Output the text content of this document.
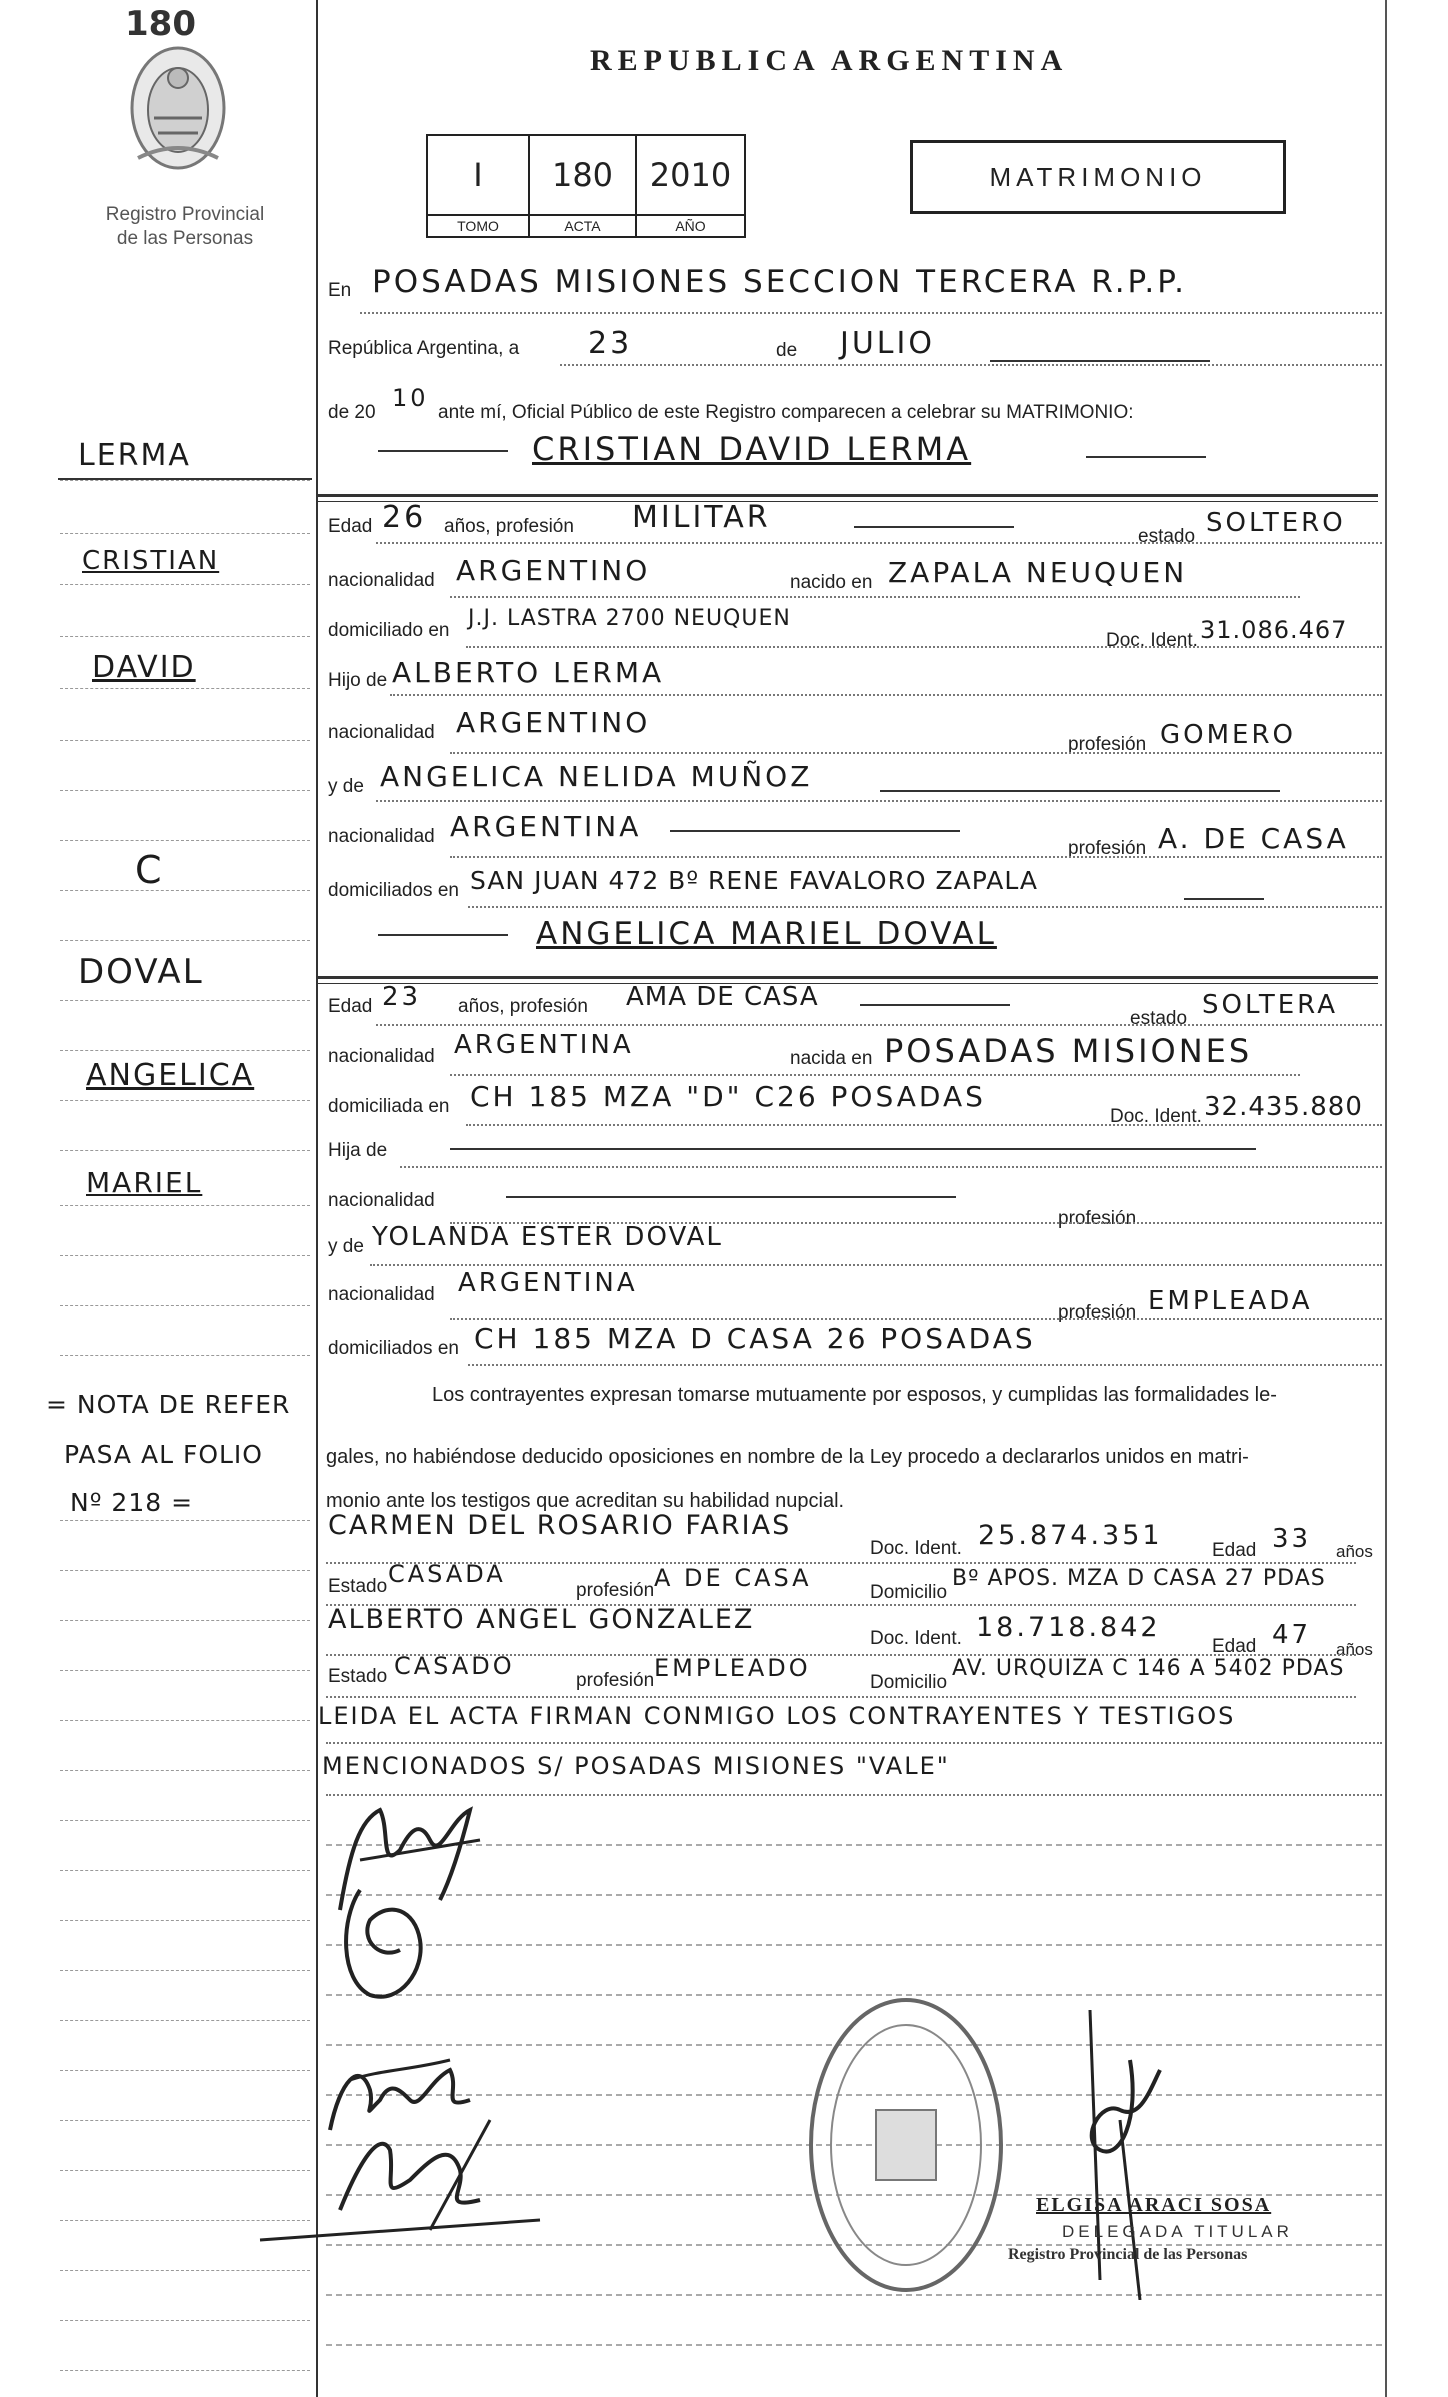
180
Registro Provincial
de las Personas
REPUBLICA ARGENTINA
I	180	2010
TOMO	ACTA	AÑO
MATRIMONIO
LERMA
CRISTIAN
DAVID
C
DOVAL
ANGELICA
MARIEL
= NOTA DE REFER
PASA AL FOLIO
Nº 218 =
En POSADAS MISIONES SECCION TERCERA R.P.P.
República Argentina, a 23	de JULIO
de 20
10
ante mí, Oficial Público de este Registro comparecen a celebrar su MATRIMONIO:
CRISTIAN DAVID LERMA
Edad 26 años, profesión MILITAR
estado SOLTERO
nacionalidad ARGENTINO	nacido en ZAPALA NEUQUEN
domiciliado en J.J. LASTRA 2700 NEUQUEN
Doc. Ident. 31.086.467
Hijo de ALBERTO LERMA
nacionalidad ARGENTINO
profesión GOMERO
y de ANGELICA NELIDA MUÑOZ
nacionalidad ARGENTINA
profesión A. DE CASA
domiciliados en SAN JUAN 472 Bº RENE FAVALORO ZAPALA
ANGELICA MARIEL DOVAL
Edad 23 años, profesión AMA DE CASA
estado SOLTERA
nacionalidad ARGENTINA	nacida en POSADAS MISIONES
domiciliada en CH 185 MZA "D" C26 POSADAS
Doc. Ident. 32.435.880
Hija de
nacionalidad
profesión
y de YOLANDA ESTER DOVAL
nacionalidad ARGENTINA
profesión EMPLEADA
domiciliados en CH 185 MZA D CASA 26 POSADAS
Los contrayentes expresan tomarse mutuamente por esposos, y cumplidas las formalidades le-
gales, no habiéndose deducido oposiciones en nombre de la Ley procedo a declararlos unidos en matri-
monio ante los testigos que acreditan su habilidad nupcial.
CARMEN DEL ROSARIO FARIAS
Doc. Ident. 25.874.351	Edad 33 años
Estado CASADA
profesión A DE CASA
Domicilio
Bº APOS. MZA D CASA 27 PDAS
ALBERTO ANGEL GONZALEZ
Doc. Ident. 18.718.842
Edad 47 años
Estado CASADO
profesión EMPLEADO
Domicilio
AV. URQUIZA C 146 A 5402 PDAS
LEIDA EL ACTA FIRMAN CONMIGO LOS CONTRAYENTES Y TESTIGOS
MENCIONADOS S/ POSADAS MISIONES "VALE"
ELGISA ARACI SOSA
DELEGADA TITULAR
Registro Provincial de las Personas
